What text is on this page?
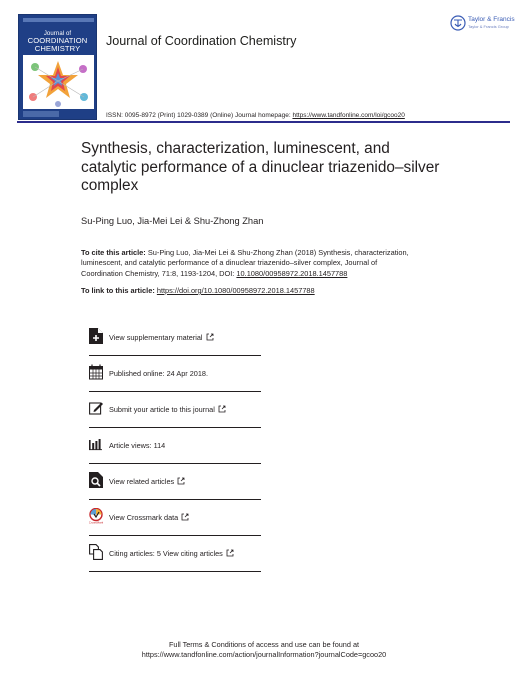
Journal of
COORDINATION
CHEMISTRY
Journal of Coordination Chemistry
Taylor & Francis
Taylor & Francis Group
ISSN: 0095-8972 (Print) 1029-0389 (Online) Journal homepage: https://www.tandfonline.com/loi/gcoo20
Synthesis, characterization, luminescent, and catalytic performance of a dinuclear triazenido–silver complex
Su-Ping Luo, Jia-Mei Lei & Shu-Zhong Zhan
To cite this article: Su-Ping Luo, Jia-Mei Lei & Shu-Zhong Zhan (2018) Synthesis, characterization, luminescent, and catalytic performance of a dinuclear triazenido–silver complex, Journal of Coordination Chemistry, 71:8, 1193-1204, DOI: 10.1080/00958972.2018.1457788
To link to this article: https://doi.org/10.1080/00958972.2018.1457788
View supplementary material
Published online: 24 Apr 2018.
Submit your article to this journal
Article views: 114
View related articles
CrossMark
View Crossmark data
Citing articles: 5 View citing articles
Full Terms & Conditions of access and use can be found at
https://www.tandfonline.com/action/journalInformation?journalCode=gcoo20
